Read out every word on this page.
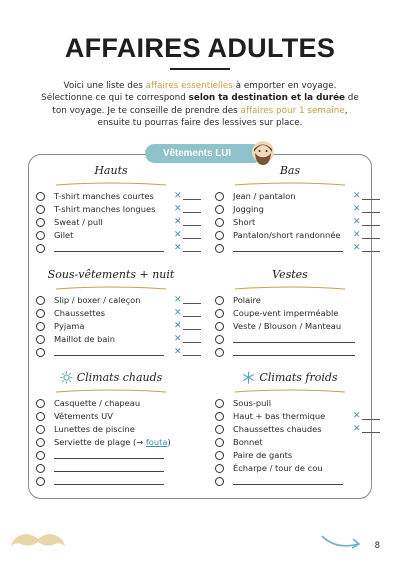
AFFAIRES ADULTES
Voici une liste des affaires essentielles à emporter en voyage.
Sélectionne ce qui te correspond selon ta destination et la durée de ton voyage. Je te conseille de prendre des affaires pour 1 semaine, ensuite tu pourras faire des lessives sur place.
Vêtements LUI
Hauts
T-shirt manches courtes ✕
T-shirt manches longues ✕
Sweat / pull	✕
Gilet	✕
✕
Bas
Jean / pantalon	✕
Jogging	✕
Short	✕
Pantalon/short randonnée ✕
✕
Sous-vêtements + nuit
Slip / boxer / caleçon	✕
Chaussettes	✕
Pyjama	✕
Maillot de bain	✕
✕
Vestes
Polaire
Coupe-vent imperméable
Veste / Blouson / Manteau
Climats chauds
Casquette / chapeau
Vêtements UV
Lunettes de piscine
Serviette de plage (→ fouta)
Climats froids
Sous-pull
Haut + bas thermique	✕
Chaussettes chaudes	✕
Bonnet
Paire de gants
Écharpe / tour de cou
8
